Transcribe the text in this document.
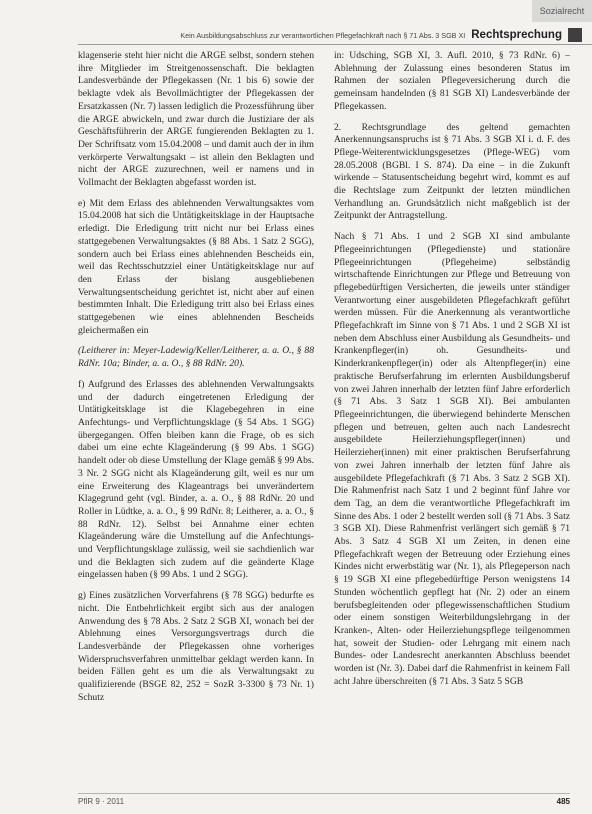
Sozialrecht
Kein Ausbildungsabschluss zur verantwortlichen Pflegefachkraft nach § 71 Abs. 3 SGB XI Rechtsprechung

klagenserie steht hier nicht die ARGE selbst, sondern stehen ihre Mitglieder im Streitgenossenschaft. Die beklagten Landesverbände der Pflegekassen (Nr. 1 bis 6) sowie der beklagte vdek als Bevollmächtigter der Pflegekassen der Ersatzkassen (Nr. 7) lassen lediglich die Prozessführung über die ARGE abwickeln, und zwar durch die Justiziare der als Geschäftsführerin der ARGE fungierenden Beklagten zu 1. Der Schriftsatz vom 15.04.2008 – und damit auch der in ihm verkörperte Verwaltungsakt – ist allein den Beklagten und nicht der ARGE zuzurechnen, weil er namens und in Vollmacht der Beklagten abgefasst worden ist.

e) Mit dem Erlass des ablehnenden Verwaltungsaktes vom 15.04.2008 hat sich die Untätigkeitsklage in der Hauptsache erledigt. Die Erledigung tritt nicht nur bei Erlass eines stattgegebenen Verwaltungsaktes (§ 88 Abs. 1 Satz 2 SGG), sondern auch bei Erlass eines ablehnenden Bescheids ein, weil das Rechtsschutzziel einer Untätigkeitsklage nur auf den Erlass der bislang ausgebliebenen Verwaltungsentscheidung gerichtet ist, nicht aber auf einen bestimmten Inhalt. Die Erledigung tritt also bei Erlass eines stattgegebenen wie eines ablehnenden Bescheids gleichermaßen ein

(Leitherer in: Meyer-Ladewig/Keller/Leitherer, a. a. O., § 88 RdNr. 10a; Binder, a. a. O., § 88 RdNr. 20).

f) Aufgrund des Erlasses des ablehnenden Verwaltungsakts und der dadurch eingetretenen Erledigung der Untätigkeitsklage ist die Klagebegehren in eine Anfechtungs- und Verpflichtungsklage (§ 54 Abs. 1 SGG) übergegangen. Offen bleiben kann die Frage, ob es sich dabei um eine echte Klageänderung (§ 99 Abs. 1 SGG) handelt oder ob diese Umstellung der Klage gemäß § 99 Abs. 3 Nr. 2 SGG nicht als Klageänderung gilt, weil es nur um eine Erweiterung des Klageantrags bei unverändertem Klagegrund geht (vgl. Binder, a. a. O., § 88 RdNr. 20 und Roller in Lüdtke, a. a. O., § 99 RdNr. 8; Leitherer, a. a. O., § 88 RdNr. 12). Selbst bei Annahme einer echten Klageänderung wäre die Umstellung auf die Anfechtungs- und Verpflichtungsklage zulässig, weil sie sachdienlich war und die Beklagten sich zudem auf die geänderte Klage eingelassen haben (§ 99 Abs. 1 und 2 SGG).

g) Eines zusätzlichen Vorverfahrens (§ 78 SGG) bedurfte es nicht. Die Entbehrlichkeit ergibt sich aus der analogen Anwendung des § 78 Abs. 2 Satz 2 SGB XI, wonach bei der Ablehnung eines Versorgungsvertrags durch die Landesverbände der Pflegekassen ohne vorheriges Widerspruchsverfahren unmittelbar geklagt werden kann. In beiden Fällen geht es um die als Verwaltungsakt zu qualifizierende (BSGE 82, 252 = SozR 3-3300 § 73 Nr. 1) Schutz

in: Udsching, SGB XI, 3. Aufl. 2010, § 73 RdNr. 6) – Ablehnung der Zulassung eines besonderen Status im Rahmen der sozialen Pflegeversicherung durch die gemeinsam handelnden (§ 81 SGB XI) Landesverbände der Pflegekassen.

2. Rechtsgrundlage des geltend gemachten Anerkennungsanspruchs ist § 71 Abs. 3 SGB XI i. d. F. des Pflege-Weiterentwicklungsgesetzes (Pflege-WEG) vom 28.05.2008 (BGBl. I S. 874). Da eine – in die Zukunft wirkende – Statusentscheidung begehrt wird, kommt es auf die Rechtslage zum Zeitpunkt der letzten mündlichen Verhandlung an. Grundsätzlich nicht maßgeblich ist der Zeitpunkt der Antragstellung.

Nach § 71 Abs. 1 und 2 SGB XI sind ambulante Pflegeeinrichtungen (Pflegedienste) und stationäre Pflegeeinrichtungen (Pflegeheime) selbständig wirtschaftende Einrichtungen zur Pflege und Betreuung von pflegebedürftigen Versicherten, die jeweils unter ständiger Verantwortung einer ausgebildeten Pflegefachkraft geführt werden müssen. Für die Anerkennung als verantwortliche Pflegefachkraft im Sinne von § 71 Abs. 1 und 2 SGB XI ist neben dem Abschluss einer Ausbildung als Gesundheits- und Krankenpfleger(in) oh. Gesundheits- und Kinderkrankenpfleger(in) oder als Altenpfleger(in) eine praktische Berufserfahrung im erlernten Ausbildungsberuf von zwei Jahren innerhalb der letzten fünf Jahre erforderlich (§ 71 Abs. 3 Satz 1 SGB XI). Bei ambulanten Pflegeeinrichtungen, die überwiegend behinderte Menschen pflegen und betreuen, gelten auch nach Landesrecht ausgebildete Heilerziehungspfleger(innen) und Heilerzieher(innen) mit einer praktischen Berufserfahrung von zwei Jahren innerhalb der letzten fünf Jahre als ausgebildete Pflegefachkraft (§ 71 Abs. 3 Satz 2 SGB XI). Die Rahmenfrist nach Satz 1 und 2 beginnt fünf Jahre vor dem Tag, an dem die verantwortliche Pflegefachkraft im Sinne des Abs. 1 oder 2 bestellt werden soll (§ 71 Abs. 3 Satz 3 SGB XI). Diese Rahmenfrist verlängert sich gemäß § 71 Abs. 3 Satz 4 SGB XI um Zeiten, in denen eine Pflegefachkraft wegen der Betreuung oder Erziehung eines Kindes nicht erwerbstätig war (Nr. 1), als Pflegeperson nach § 19 SGB XI eine pflegebedürftige Person wenigstens 14 Stunden wöchentlich gepflegt hat (Nr. 2) oder an einem berufsbegleitenden oder pflegewissenschaftlichen Studium oder einem sonstigen Weiterbildungslehrgang in der Kranken-, Alten- oder Heilerziehungspflege teilgenommen hat, soweit der Studien- oder Lehrgang mit einem nach Bundes- oder Landesrecht anerkannten Abschluss beendet worden ist (Nr. 3). Dabei darf die Rahmenfrist in keinem Fall acht Jahre überschreiten (§ 71 Abs. 3 Satz 5 SGB

PflR 9 · 2011	485
